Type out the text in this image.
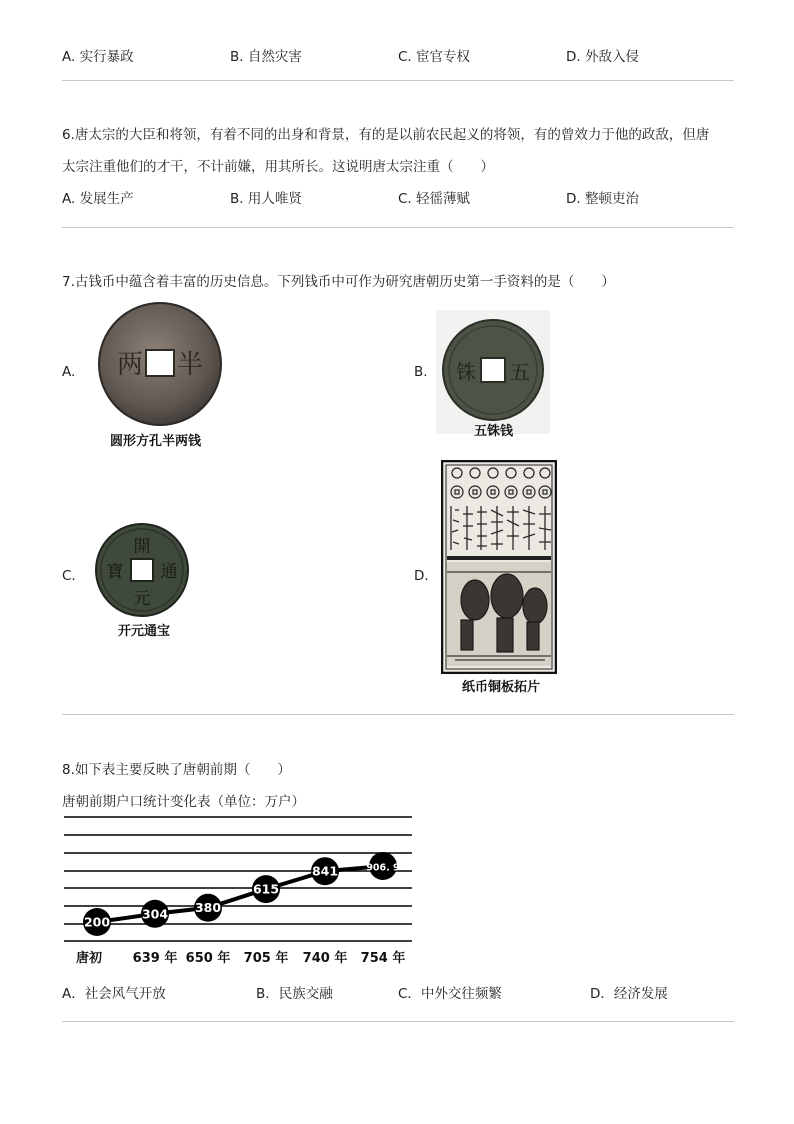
A. 实行暴政	B. 自然灾害	C. 宦官专权	D. 外敌入侵
6.唐太宗的大臣和将领，有着不同的出身和背景，有的是以前农民起义的将领，有的曾效力于他的政敌，但唐
太宗注重他们的才干，不计前嫌，用其所长。这说明唐太宗注重（　　）
A. 发展生产	B. 用人唯贤	C. 轻徭薄赋	D. 整顿吏治
7.古钱币中蕴含着丰富的历史信息。下列钱币中可作为研究唐朝历史第一手资料的是（　　）
A. 两 半
圆形方孔半两钱
B. 铢 五
五铢钱
C.
開
通
元
寶
开元通宝
D.
纸币铜板拓片
8.如下表主要反映了唐朝前期（　　）
唐朝前期户口统计变化表（单位：万户）
200
304 380
615
841	906. 9
唐初 639 年 650 年 705 年 740 年 754 年
A．社会风气开放	B．民族交融	C．中外交往频繁	D．经济发展
